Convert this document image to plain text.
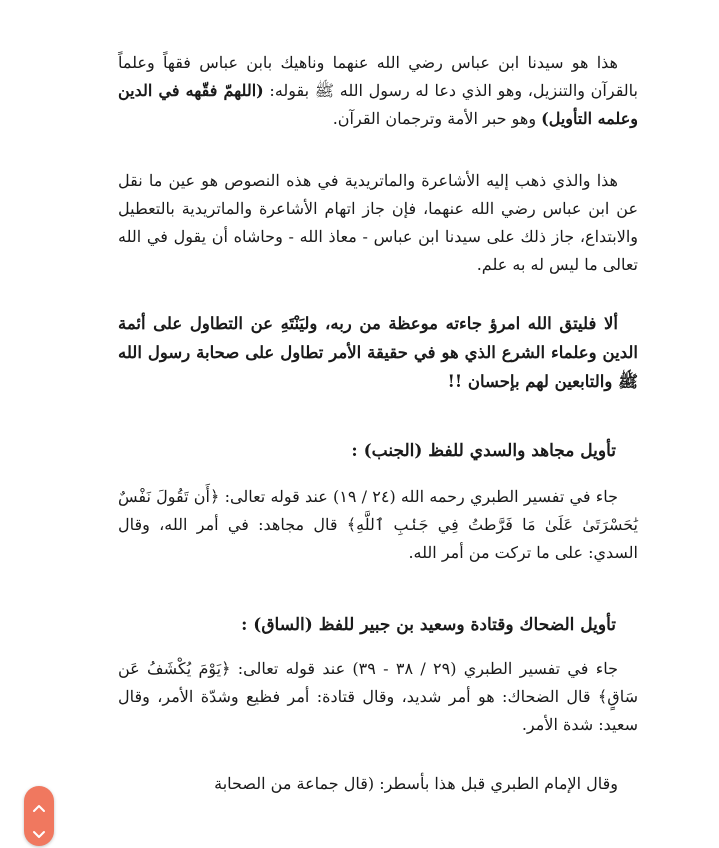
هذا هو سيدنا ابن عباس رضي الله عنهما وناهيك بابن عباس فقهاً وعلماً بالقرآن والتنزيل، وهو الذي دعا له رسول الله ﷺ بقوله: (اللهمّ فقّهه في الدين وعلمه التأويل) وهو حبر الأمة وترجمان القرآن.

هذا والذي ذهب إليه الأشاعرة والماتريدية في هذه النصوص هو عين ما نقل عن ابن عباس رضي الله عنهما، فإن جاز اتهام الأشاعرة والماتريدية بالتعطيل والابتداع، جاز ذلك على سيدنا ابن عباس - معاذ الله - وحاشاه أن يقول في الله تعالى ما ليس له به علم.

ألا فليتق الله امرؤ جاءته موعظة من ربه، وليَنْتَهِ عن التطاول على أئمة الدين وعلماء الشرع الذي هو في حقيقة الأمر تطاول على صحابة رسول الله ﷺ والتابعين لهم بإحسان !!

تأويل مجاهد والسدي للفظ (الجنب) :

جاء في تفسير الطبري رحمه الله (٢٤ / ١٩) عند قوله تعالى: ﴿أَن تَقُولَ نَفْسٌ يَٰحَسْرَتَىٰ عَلَىٰ مَا فَرَّطتُ فِي جَنۢبِ ٱللَّهِ﴾ قال مجاهد: في أمر الله، وقال السدي: على ما تركت من أمر الله.

تأويل الضحاك وقتادة وسعيد بن جبير للفظ (الساق) :

جاء في تفسير الطبري (٢٩ / ٣٨ - ٣٩) عند قوله تعالى: ﴿يَوْمَ يُكْشَفُ عَن سَاقٍ﴾ قال الضحاك: هو أمر شديد، وقال قتادة: أمر فظيع وشدّة الأمر، وقال سعيد: شدة الأمر.

وقال الإمام الطبري قبل هذا بأسطر: (قال جماعة من الصحابة
